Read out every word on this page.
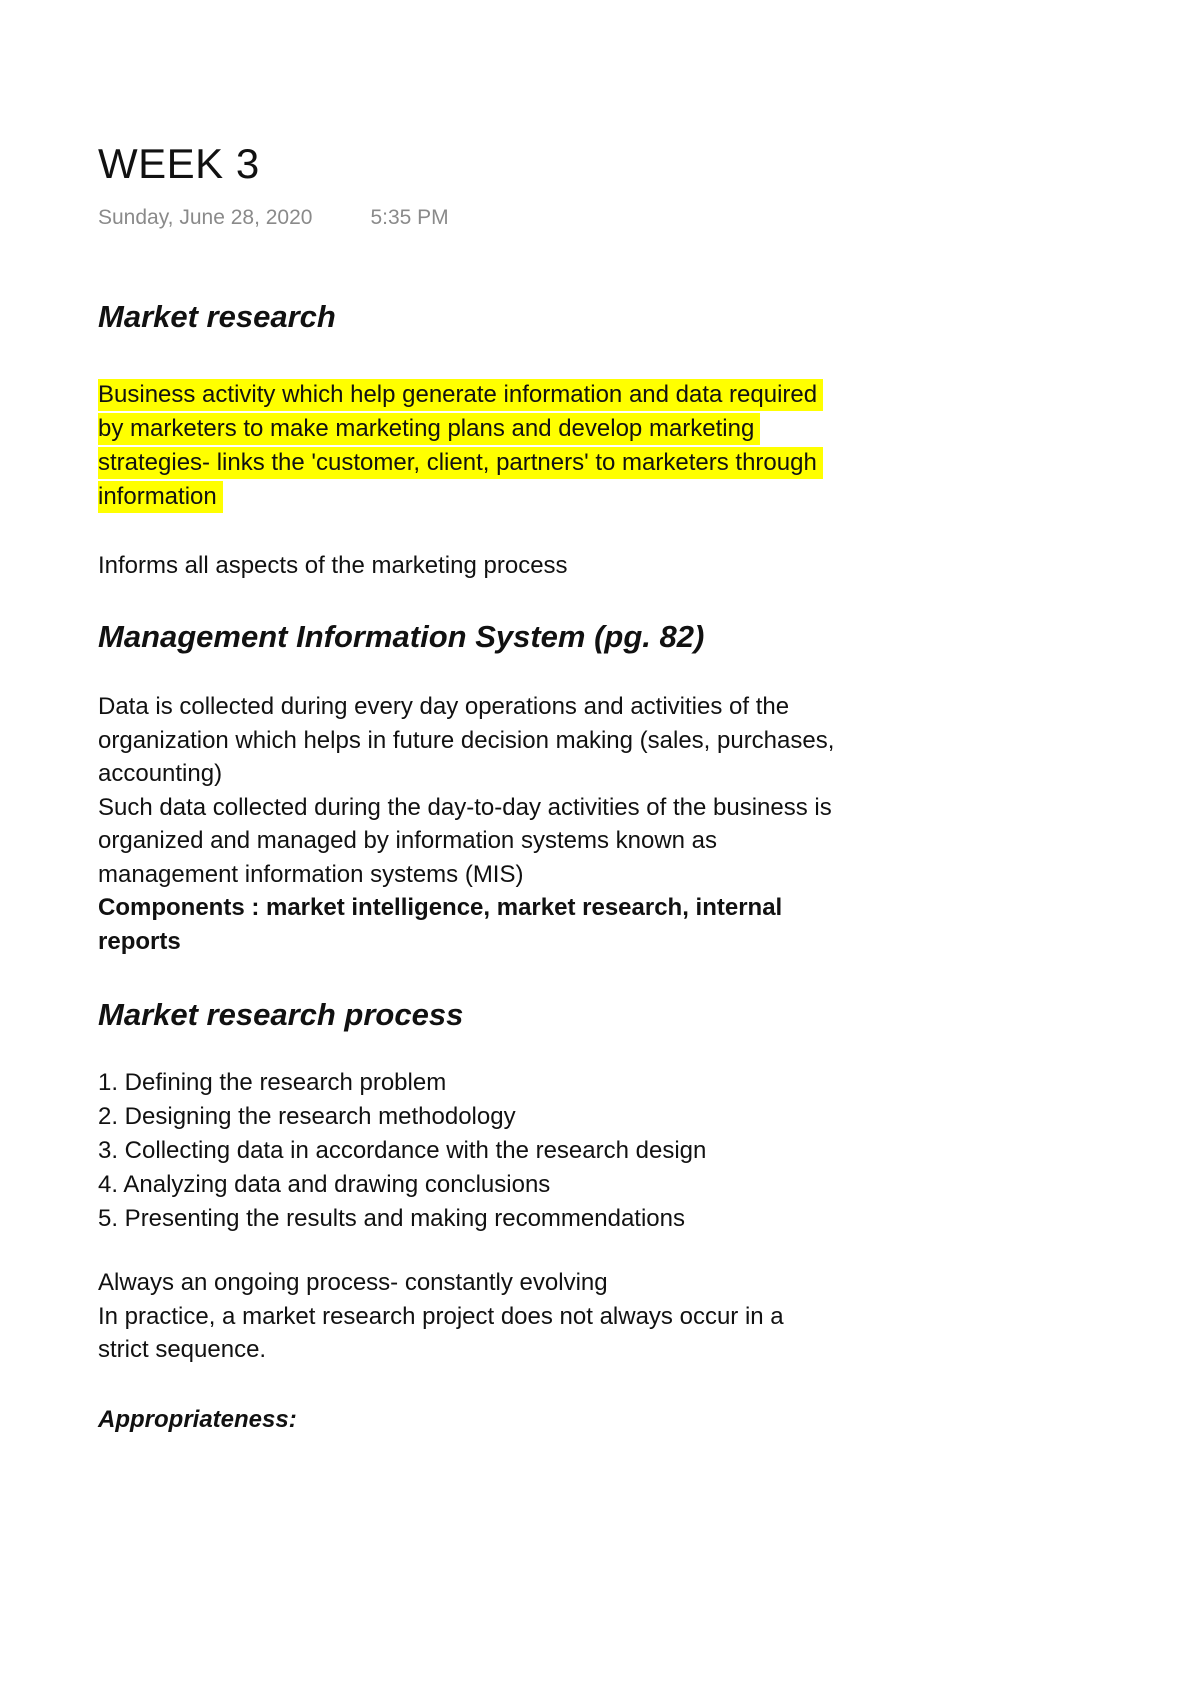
WEEK 3
Sunday, June 28, 2020	5:35 PM
Market research

Business activity which help generate information and data required
by marketers to make marketing plans and develop marketing
strategies- links the 'customer, client, partners' to marketers through
information

Informs all aspects of the marketing process

Management Information System (pg. 82)

Data is collected during every day operations and activities of the
organization which helps in future decision making (sales, purchases,
accounting)
Such data collected during the day-to-day activities of the business is
organized and managed by information systems known as
management information systems (MIS)
Components : market intelligence, market research, internal
reports

Market research process
1. Defining the research problem
2. Designing the research methodology
3. Collecting data in accordance with the research design
4. Analyzing data and drawing conclusions
5. Presenting the results and making recommendations

Always an ongoing process- constantly evolving
In practice, a market research project does not always occur in a
strict sequence.

Appropriateness:
